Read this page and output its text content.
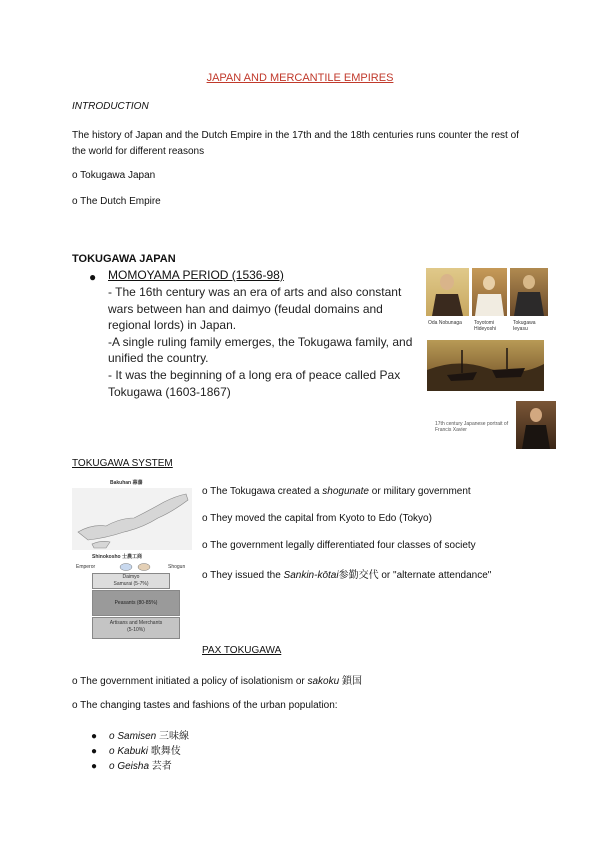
JAPAN AND MERCANTILE EMPIRES
INTRODUCTION
The history of Japan and the Dutch Empire in the 17th and the 18th centuries runs counter the rest of the world for different reasons
o Tokugawa Japan
o The Dutch Empire
TOKUGAWA JAPAN
● MOMOYAMA PERIOD (1536-98)
- The 16th century was an era of arts and also constant wars between han and daimyo (feudal domains and regional lords) in Japan.
-A single ruling family emerges, the Tokugawa family, and unified the country.
- It was the beginning of a long era of peace called Pax Tokugawa (1603-1867)
Oda Nobunaga	Toyotomi Hideyoshi
Tokugawa Ieyasu
17th century Japanese portrait of Francis Xavier
TOKUGAWA SYSTEM
Bakuhan 幕藩
Shinokosho 士農工商
Emperor	Shogun
Daimyo
Samurai (5-7%)
Peasants (80-85%)
Artisans and Merchants
(5-10%)
o The Tokugawa created a shogunate or military government
o They moved the capital from Kyoto to Edo (Tokyo)
o The government legally differentiated four classes of society
o They issued the Sankin-kōtai参勤交代 or "alternate attendance"
PAX TOKUGAWA
o The government initiated a policy of isolationism or sakoku 鎖国
o The changing tastes and fashions of the urban population:
● o Samisen 三味線
● o Kabuki 歌舞伎
● o Geisha 芸者
